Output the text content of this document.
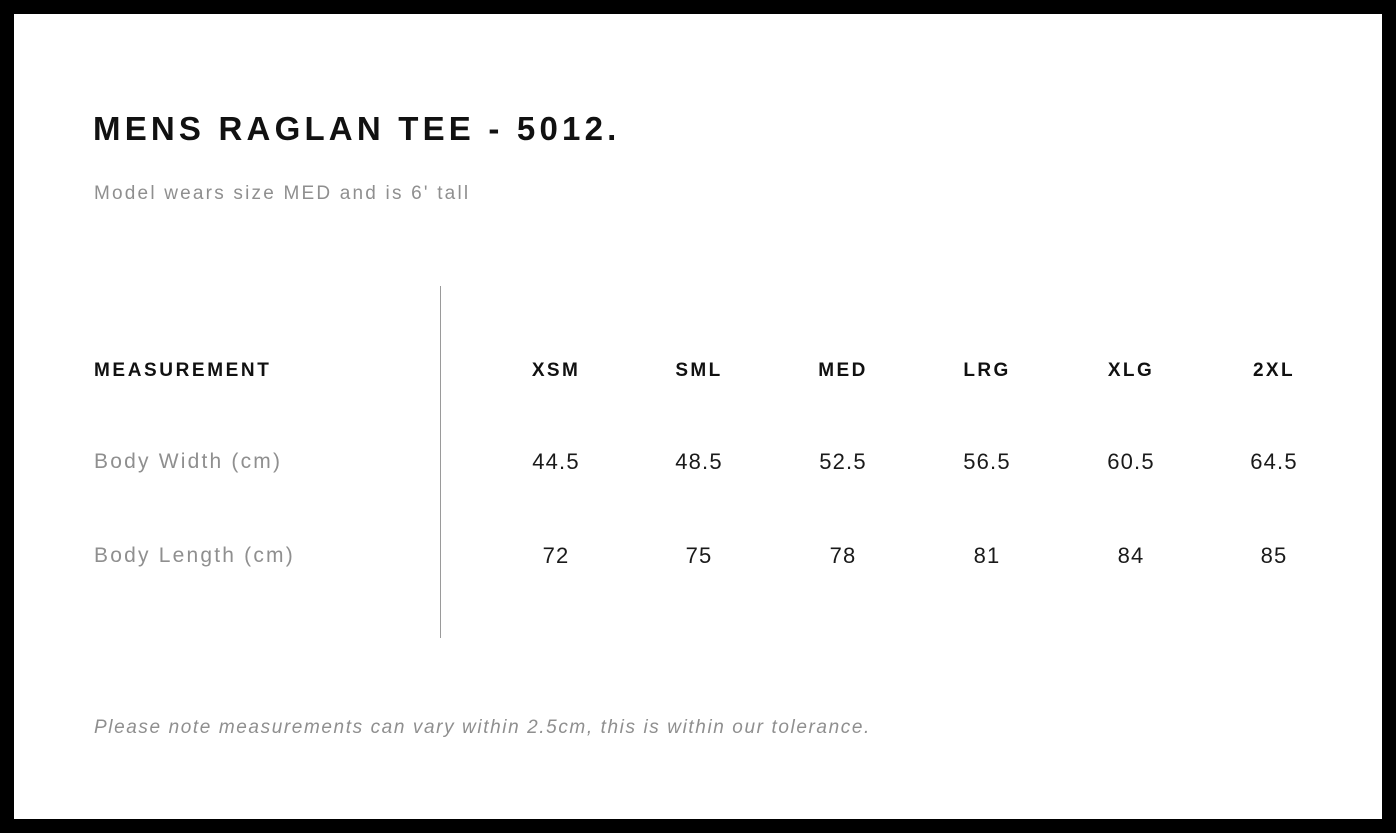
MENS RAGLAN TEE - 5012.
Model wears size MED and is 6' tall
MEASUREMENT	XSM	SML	MED	LRG	XLG	2XL
Body Width (cm)	44.5	48.5	52.5	56.5	60.5	64.5
Body Length (cm)	72	75	78	81	84	85
Please note measurements can vary within 2.5cm, this is within our tolerance.
